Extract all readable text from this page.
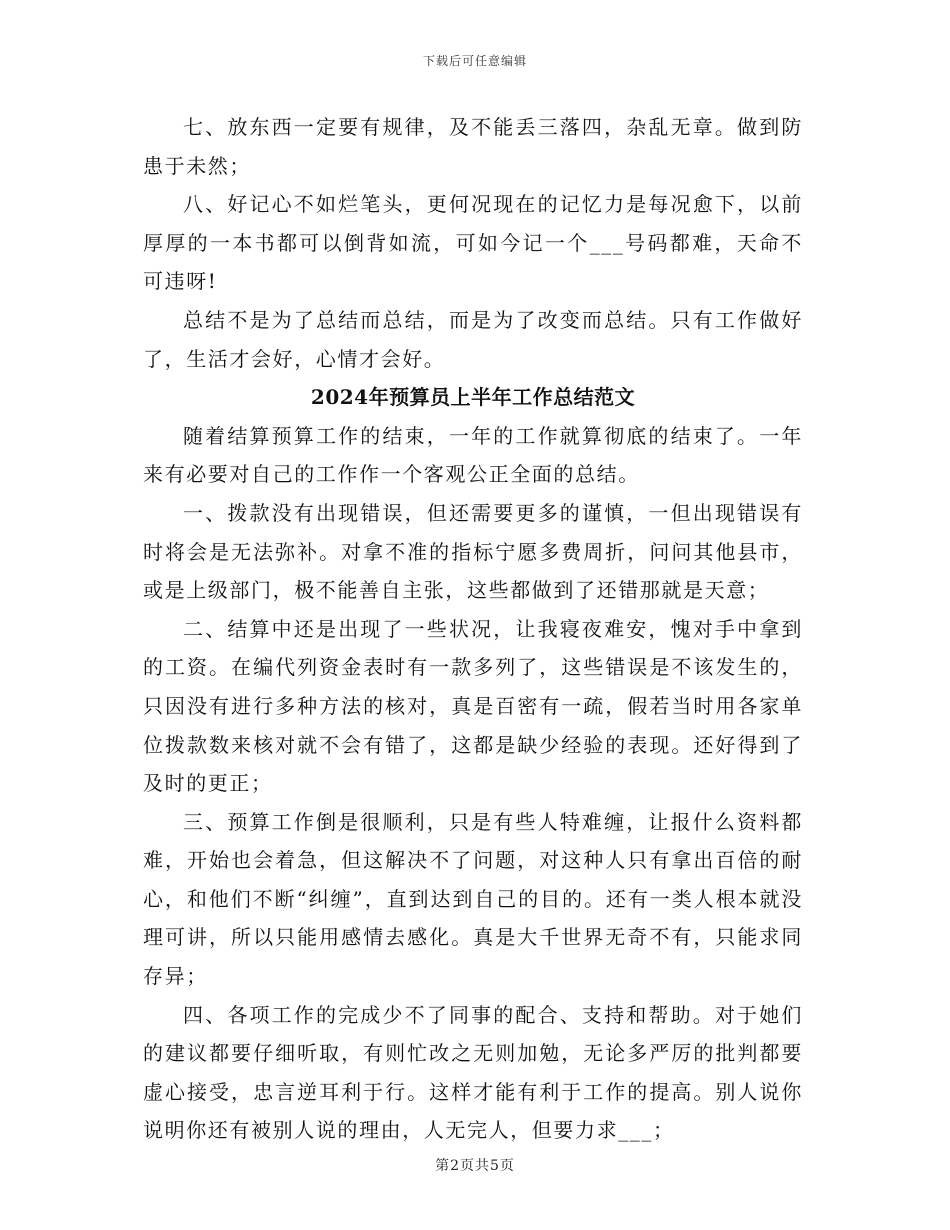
下载后可任意编辑

七、放东西一定要有规律，及不能丢三落四，杂乱无章。做到防患于未然；

八、好记心不如烂笔头，更何况现在的记忆力是每况愈下，以前厚厚的一本书都可以倒背如流，可如今记一个___号码都难，天命不可违呀!

总结不是为了总结而总结，而是为了改变而总结。只有工作做好了，生活才会好，心情才会好。

2024年预算员上半年工作总结范文

随着结算预算工作的结束，一年的工作就算彻底的结束了。一年来有必要对自己的工作作一个客观公正全面的总结。

一、拨款没有出现错误，但还需要更多的谨慎，一但出现错误有时将会是无法弥补。对拿不准的指标宁愿多费周折，问问其他县市，或是上级部门，极不能善自主张，这些都做到了还错那就是天意；

二、结算中还是出现了一些状况，让我寝夜难安，愧对手中拿到的工资。在编代列资金表时有一款多列了，这些错误是不该发生的，只因没有进行多种方法的核对，真是百密有一疏，假若当时用各家单位拨款数来核对就不会有错了，这都是缺少经验的表现。还好得到了及时的更正；

三、预算工作倒是很顺利，只是有些人特难缠，让报什么资料都难，开始也会着急，但这解决不了问题，对这种人只有拿出百倍的耐心，和他们不断“纠缠”，直到达到自己的目的。还有一类人根本就没理可讲，所以只能用感情去感化。真是大千世界无奇不有，只能求同存异；

四、各项工作的完成少不了同事的配合、支持和帮助。对于她们的建议都要仔细听取，有则忙改之无则加勉，无论多严厉的批判都要虚心接受，忠言逆耳利于行。这样才能有利于工作的提高。别人说你说明你还有被别人说的理由，人无完人，但要力求___；

第2页共5页
